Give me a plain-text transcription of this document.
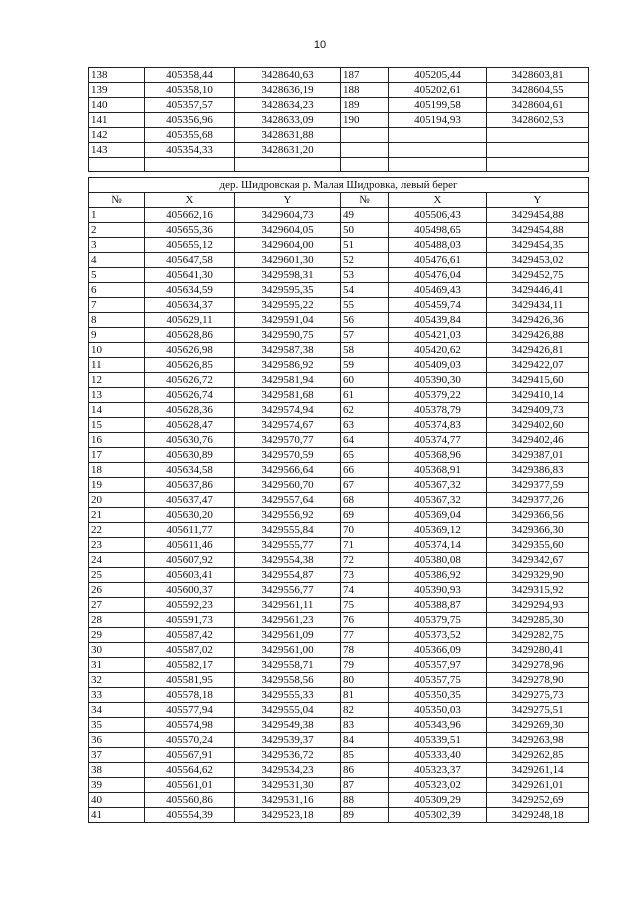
10
138	405358,44	3428640,63	187	405205,44	3428603,81
139	405358,10	3428636,19	188	405202,61	3428604,55
140	405357,57	3428634,23	189	405199,58	3428604,61
141	405356,96	3428633,09	190	405194,93	3428602,53
142	405355,68	3428631,88			
143	405354,33	3428631,20			

дер. Шидровская р. Малая Шидровка, левый берег					
№	X	Y	№	X	Y
1	405662,16	3429604,73	49	405506,43	3429454,88
2	405655,36	3429604,05	50	405498,65	3429454,88
3	405655,12	3429604,00	51	405488,03	3429454,35
4	405647,58	3429601,30	52	405476,61	3429453,02
5	405641,30	3429598,31	53	405476,04	3429452,75
6	405634,59	3429595,35	54	405469,43	3429446,41
7	405634,37	3429595,22	55	405459,74	3429434,11
8	405629,11	3429591,04	56	405439,84	3429426,36
9	405628,86	3429590,75	57	405421,03	3429426,88
10	405626,98	3429587,38	58	405420,62	3429426,81
11	405626,85	3429586,92	59	405409,03	3429422,07
12	405626,72	3429581,94	60	405390,30	3429415,60
13	405626,74	3429581,68	61	405379,22	3429410,14
14	405628,36	3429574,94	62	405378,79	3429409,73
15	405628,47	3429574,67	63	405374,83	3429402,60
16	405630,76	3429570,77	64	405374,77	3429402,46
17	405630,89	3429570,59	65	405368,96	3429387,01
18	405634,58	3429566,64	66	405368,91	3429386,83
19	405637,86	3429560,70	67	405367,32	3429377,59
20	405637,47	3429557,64	68	405367,32	3429377,26
21	405630,20	3429556,92	69	405369,04	3429366,56
22	405611,77	3429555,84	70	405369,12	3429366,30
23	405611,46	3429555,77	71	405374,14	3429355,60
24	405607,92	3429554,38	72	405380,08	3429342,67
25	405603,41	3429554,87	73	405386,92	3429329,90
26	405600,37	3429556,77	74	405390,93	3429315,92
27	405592,23	3429561,11	75	405388,87	3429294,93
28	405591,73	3429561,23	76	405379,75	3429285,30
29	405587,42	3429561,09	77	405373,52	3429282,75
30	405587,02	3429561,00	78	405366,09	3429280,41
31	405582,17	3429558,71	79	405357,97	3429278,96
32	405581,95	3429558,56	80	405357,75	3429278,90
33	405578,18	3429555,33	81	405350,35	3429275,73
34	405577,94	3429555,04	82	405350,03	3429275,51
35	405574,98	3429549,38	83	405343,96	3429269,30
36	405570,24	3429539,37	84	405339,51	3429263,98
37	405567,91	3429536,72	85	405333,40	3429262,85
38	405564,62	3429534,23	86	405323,37	3429261,14
39	405561,01	3429531,30	87	405323,02	3429261,01
40	405560,86	3429531,16	88	405309,29	3429252,69
41	405554,39	3429523,18	89	405302,39	3429248,18
